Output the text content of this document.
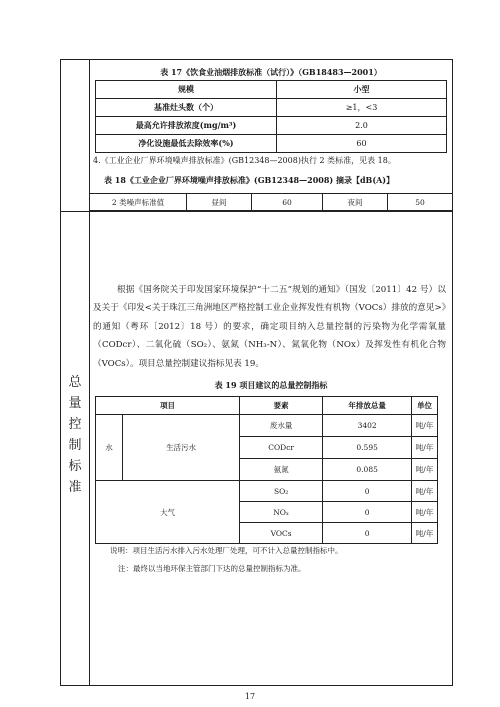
表 17《饮食业油烟排放标准（试行）》（GB18483—2001）
规模	小型
基准灶头数（个）	≥1，<3
最高允许排放浓度(mg/m³)	2.0
净化设施最低去除效率(%)	60
4.《工业企业厂界环境噪声排放标准》(GB12348—2008)执行 2 类标准，见表 18。
表 18《工业企业厂界环境噪声排放标准》(GB12348—2008) 摘录【dB(A)】
2 类噪声标准值	昼间	60	夜间	50
总
量
控
制
标
准
根据《国务院关于印发国家环境保护“十二五”规划的通知》（国发〔2011〕42 号）以及关于《印发<关于珠江三角洲地区严格控制工业企业挥发性有机物（VOCs）排放的意见>》的通知（粤环〔2012〕18 号）的要求，确定项目纳入总量控制的污染物为化学需氧量（CODcr）、二氧化硫（SO₂）、氨氮（NH₃-N）、氮氧化物（NOx）及挥发性有机化合物（VOCs）。项目总量控制建议指标见表 19。
表 19 项目建议的总量控制指标
项目		要素	年排放总量	单位
水	生活污水	废水量	3402	吨/年
		CODcr	0.595	吨/年
		氨氮	0.085	吨/年
大气		SO₂	0	吨/年
		NOₓ	0	吨/年
		VOCs	0	吨/年
说明：项目生活污水排入污水处理厂处理，可不计入总量控制指标中。
注：最终以当地环保主管部门下达的总量控制指标为准。
17
